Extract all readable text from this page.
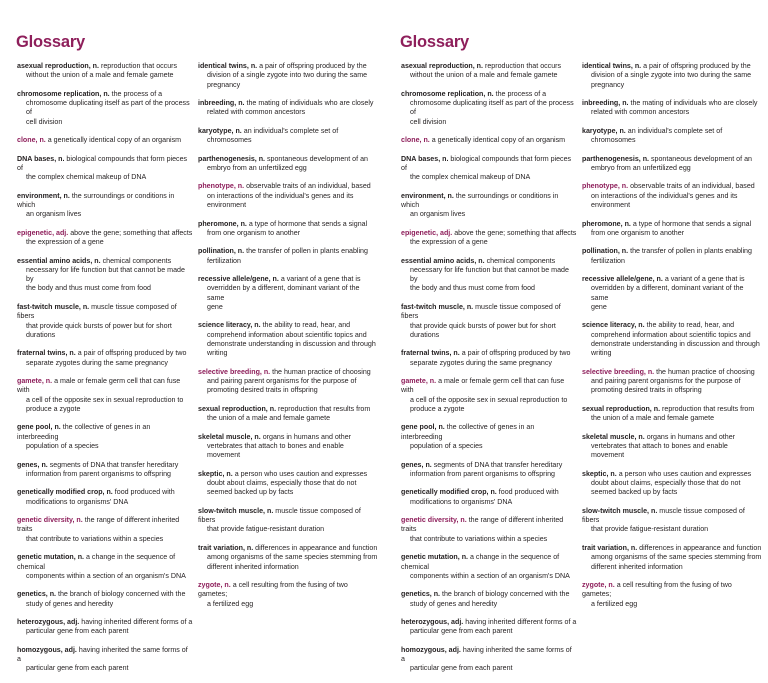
Glossary

asexual reproduction, n. reproduction that occurs
without the union of a male and female gamete

chromosome replication, n. the process of a
chromosome duplicating itself as part of the process of
cell division

clone, n. a genetically identical copy of an organism

DNA bases, n. biological compounds that form pieces of
the complex chemical makeup of DNA

environment, n. the surroundings or conditions in which
an organism lives

epigenetic, adj. above the gene; something that affects
the expression of a gene

essential amino acids, n. chemical components
necessary for life function but that cannot be made by
the body and thus must come from food

fast-twitch muscle, n. muscle tissue composed of fibers
that provide quick bursts of power but for short durations

fraternal twins, n. a pair of offspring produced by two
separate zygotes during the same pregnancy

gamete, n. a male or female germ cell that can fuse with
a cell of the opposite sex in sexual reproduction to
produce a zygote

gene pool, n. the collective of genes in an interbreeding
population of a species

genes, n. segments of DNA that transfer hereditary
information from parent organisms to offspring

genetically modified crop, n. food produced with
modifications to organisms' DNA

genetic diversity, n. the range of different inherited traits
that contribute to variations within a species

genetic mutation, n. a change in the sequence of chemical
components within a section of an organism's DNA

genetics, n. the branch of biology concerned with the
study of genes and heredity

heterozygous, adj. having inherited different forms of a
particular gene from each parent

homozygous, adj. having inherited the same forms of a
particular gene from each parent

identical twins, n. a pair of offspring produced by the
division of a single zygote into two during the same
pregnancy

inbreeding, n. the mating of individuals who are closely
related with common ancestors

karyotype, n. an individual's complete set of
chromosomes

parthenogenesis, n. spontaneous development of an
embryo from an unfertilized egg

phenotype, n. observable traits of an individual, based
on interactions of the individual's genes and its
environment

pheromone, n. a type of hormone that sends a signal
from one organism to another

pollination, n. the transfer of pollen in plants enabling
fertilization

recessive allele/gene, n. a variant of a gene that is
overridden by a different, dominant variant of the same
gene

science literacy, n. the ability to read, hear, and
comprehend information about scientific topics and
demonstrate understanding in discussion and through
writing

selective breeding, n. the human practice of choosing
and pairing parent organisms for the purpose of
promoting desired traits in offspring

sexual reproduction, n. reproduction that results from
the union of a male and female gamete

skeletal muscle, n. organs in humans and other
vertebrates that attach to bones and enable movement

skeptic, n. a person who uses caution and expresses
doubt about claims, especially those that do not
seemed backed up by facts

slow-twitch muscle, n. muscle tissue composed of fibers
that provide fatigue-resistant duration

trait variation, n. differences in appearance and function
among organisms of the same species stemming from
different inherited information

zygote, n. a cell resulting from the fusing of two gametes;
a fertilized egg

Glossary

asexual reproduction, n. reproduction that occurs
without the union of a male and female gamete

chromosome replication, n. the process of a
chromosome duplicating itself as part of the process of
cell division

clone, n. a genetically identical copy of an organism

DNA bases, n. biological compounds that form pieces of
the complex chemical makeup of DNA

environment, n. the surroundings or conditions in which
an organism lives

epigenetic, adj. above the gene; something that affects
the expression of a gene

essential amino acids, n. chemical components
necessary for life function but that cannot be made by
the body and thus must come from food

fast-twitch muscle, n. muscle tissue composed of fibers
that provide quick bursts of power but for short durations

fraternal twins, n. a pair of offspring produced by two
separate zygotes during the same pregnancy

gamete, n. a male or female germ cell that can fuse with
a cell of the opposite sex in sexual reproduction to
produce a zygote

gene pool, n. the collective of genes in an interbreeding
population of a species

genes, n. segments of DNA that transfer hereditary
information from parent organisms to offspring

genetically modified crop, n. food produced with
modifications to organisms' DNA

genetic diversity, n. the range of different inherited traits
that contribute to variations within a species

genetic mutation, n. a change in the sequence of chemical
components within a section of an organism's DNA

genetics, n. the branch of biology concerned with the
study of genes and heredity

heterozygous, adj. having inherited different forms of a
particular gene from each parent

homozygous, adj. having inherited the same forms of a
particular gene from each parent

identical twins, n. a pair of offspring produced by the
division of a single zygote into two during the same
pregnancy

inbreeding, n. the mating of individuals who are closely
related with common ancestors

karyotype, n. an individual's complete set of
chromosomes

parthenogenesis, n. spontaneous development of an
embryo from an unfertilized egg

phenotype, n. observable traits of an individual, based
on interactions of the individual's genes and its
environment

pheromone, n. a type of hormone that sends a signal
from one organism to another

pollination, n. the transfer of pollen in plants enabling
fertilization

recessive allele/gene, n. a variant of a gene that is
overridden by a different, dominant variant of the same
gene

science literacy, n. the ability to read, hear, and
comprehend information about scientific topics and
demonstrate understanding in discussion and through
writing

selective breeding, n. the human practice of choosing
and pairing parent organisms for the purpose of
promoting desired traits in offspring

sexual reproduction, n. reproduction that results from
the union of a male and female gamete

skeletal muscle, n. organs in humans and other
vertebrates that attach to bones and enable movement

skeptic, n. a person who uses caution and expresses
doubt about claims, especially those that do not
seemed backed up by facts

slow-twitch muscle, n. muscle tissue composed of fibers
that provide fatigue-resistant duration

trait variation, n. differences in appearance and function
among organisms of the same species stemming from
different inherited information

zygote, n. a cell resulting from the fusing of two gametes;
a fertilized egg
